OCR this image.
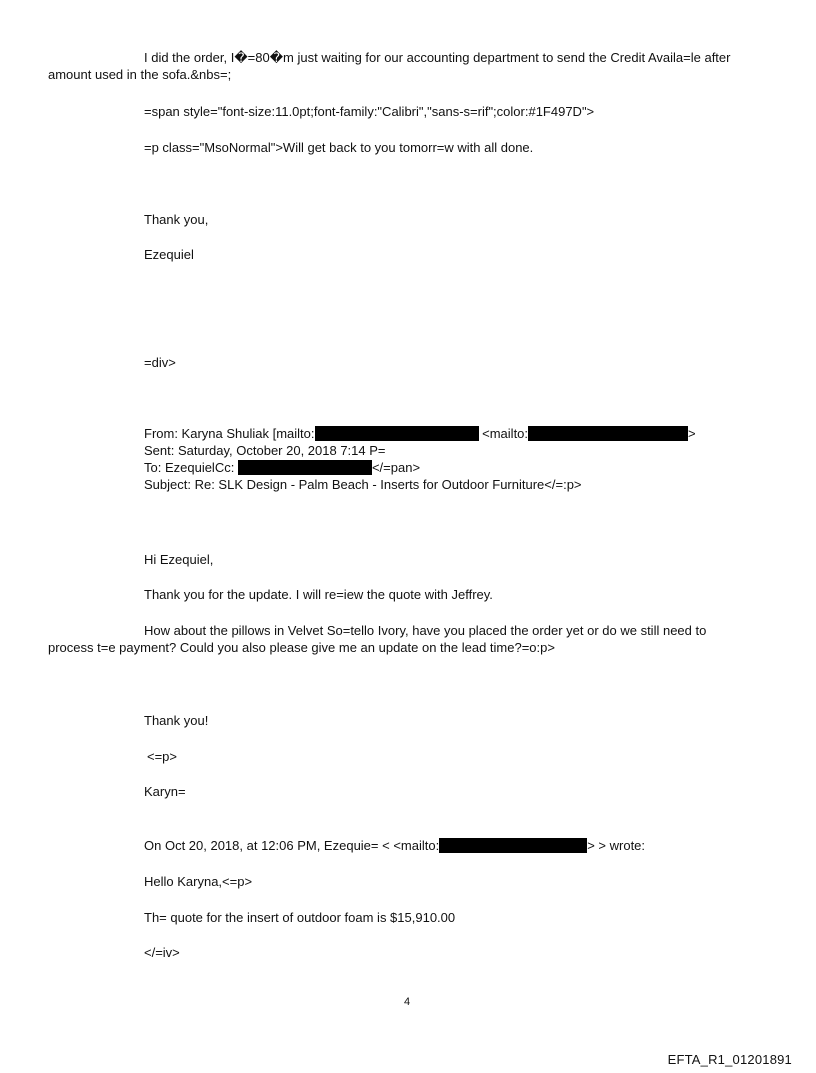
I did the order, I�=80�m just waiting for our accounting department to send the Credit Availa=le after
amount used in the sofa.&nbs=;
=span style="font-size:11.0pt;font-family:"Calibri","sans-s=rif";color:#1F497D">
=p class="MsoNormal">Will get back to you tomorr=w with all done.
Thank you,
Ezequiel
=div>
From: Karyna Shuliak [mailto:	<mailto:	>
Sent: Saturday, October 20, 2018 7:14 P=
To: EzequielCc:	</=pan>
Subject: Re: SLK Design - Palm Beach - Inserts for Outdoor Furniture</=:p>
Hi Ezequiel,
Thank you for the update. I will re=iew the quote with Jeffrey.
How about the pillows in Velvet So=tello Ivory, have you placed the order yet or do we still need to
process t=e payment? Could you also please give me an update on the lead time?=o:p>
Thank you!
<=p>
Karyn=
On Oct 20, 2018, at 12:06 PM, Ezequie= < <mailto:	> > wrote:
Hello Karyna,<=p>
Th= quote for the insert of outdoor foam is $15,910.00
</=iv>
4
EFTA_R1_01201891
